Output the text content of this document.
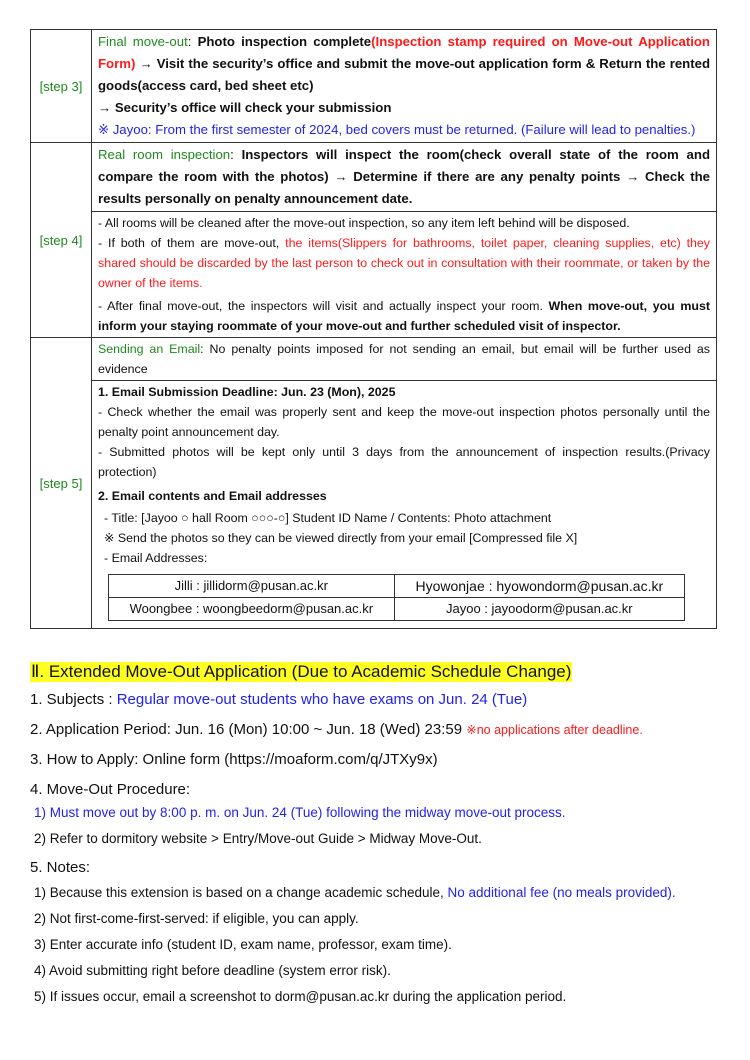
[step 3]	
Final move-out: Photo inspection complete(Inspection stamp required on Move-out Application Form) → Visit the security’s office and submit the move-out application form & Return the rented goods(access card, bed sheet etc)

→ Security’s office will check your submission

※ Jayoo: From the first semester of 2024, bed covers must be returned. (Failure will lead to penalties.)

[step 4]	
Real room inspection: Inspectors will inspect the room(check overall state of the room and compare the room with the photos) → Determine if there are any penalty points → Check the results personally on penalty announcement date.

- All rooms will be cleaned after the move-out inspection, so any item left behind will be disposed.

- If both of them are move-out, the items(Slippers for bathrooms, toilet paper, cleaning supplies, etc) they shared should be discarded by the last person to check out in consultation with their roommate, or taken by the owner of the items.

- After final move-out, the inspectors will visit and actually inspect your room. When move-out, you must inform your staying roommate of your move-out and further scheduled visit of inspector.

[step 5]	
Sending an Email: No penalty points imposed for not sending an email, but email will be further used as evidence

1. Email Submission Deadline: Jun. 23 (Mon), 2025

- Check whether the email was properly sent and keep the move-out inspection photos personally until the penalty point announcement day.

- Submitted photos will be kept only until 3 days from the announcement of inspection results.(Privacy protection)

2. Email contents and Email addresses

- Title: [Jayoo ○ hall Room ○○○-○] Student ID Name / Contents: Photo attachment

※ Send the photos so they can be viewed directly from your email [Compressed file X]

- Email Addresses:

Jilli : jillidorm@pusan.ac.kr	Hyowonjae : hyowondorm@pusan.ac.kr
Woongbee : woongbeedorm@pusan.ac.kr	Jayoo : jayoodorm@pusan.ac.kr
Ⅱ. Extended Move-Out Application (Due to Academic Schedule Change)
1. Subjects : Regular move-out students who have exams on Jun. 24 (Tue)
2. Application Period: Jun. 16 (Mon) 10:00 ~ Jun. 18 (Wed) 23:59 ※no applications after deadline.
3. How to Apply: Online form (https://moaform.com/q/JTXy9x)
4. Move-Out Procedure:
1) Must move out by 8:00 p. m. on Jun. 24 (Tue) following the midway move-out process.
2) Refer to dormitory website > Entry/Move-out Guide > Midway Move-Out.
5. Notes:
1) Because this extension is based on a change academic schedule, No additional fee (no meals provided).
2) Not first-come-first-served: if eligible, you can apply.
3) Enter accurate info (student ID, exam name, professor, exam time).
4) Avoid submitting right before deadline (system error risk).
5) If issues occur, email a screenshot to dorm@pusan.ac.kr during the application period.
